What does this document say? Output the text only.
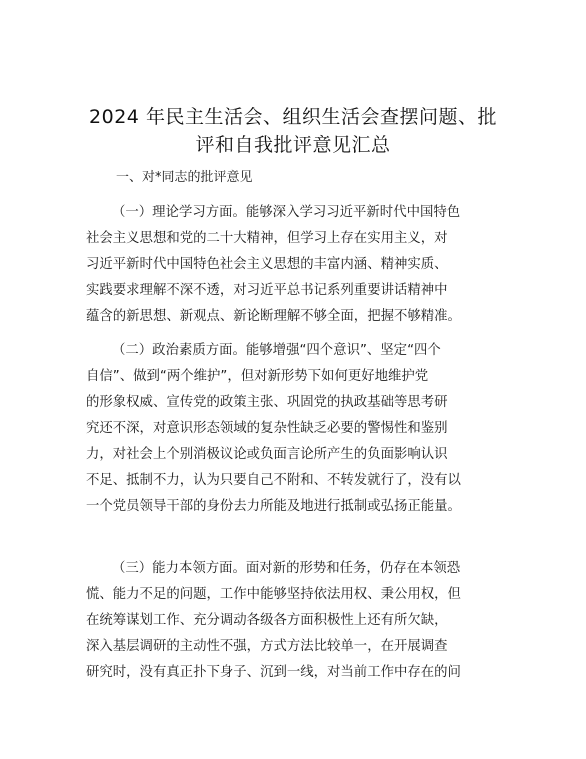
2024 年民主生活会、组织生活会查摆问题、批
评和自我批评意见汇总
一、对*同志的批评意见
（一）理论学习方面。能够深入学习习近平新时代中国特色
社会主义思想和党的二十大精神，但学习上存在实用主义，对
习近平新时代中国特色社会主义思想的丰富内涵、精神实质、
实践要求理解不深不透，对习近平总书记系列重要讲话精神中
蕴含的新思想、新观点、新论断理解不够全面，把握不够精准。
（二）政治素质方面。能够增强“四个意识”、坚定“四个
自信”、做到“两个维护”，但对新形势下如何更好地维护党
的形象权威、宣传党的政策主张、巩固党的执政基础等思考研
究还不深，对意识形态领域的复杂性缺乏必要的警惕性和鉴别
力，对社会上个别消极议论或负面言论所产生的负面影响认识
不足、抵制不力，认为只要自己不附和、不转发就行了，没有以
一个党员领导干部的身份去力所能及地进行抵制或弘扬正能量。
（三）能力本领方面。面对新的形势和任务，仍存在本领恐
慌、能力不足的问题，工作中能够坚持依法用权、秉公用权，但
在统筹谋划工作、充分调动各级各方面积极性上还有所欠缺，
深入基层调研的主动性不强，方式方法比较单一，在开展调查
研究时，没有真正扑下身子、沉到一线，对当前工作中存在的问
